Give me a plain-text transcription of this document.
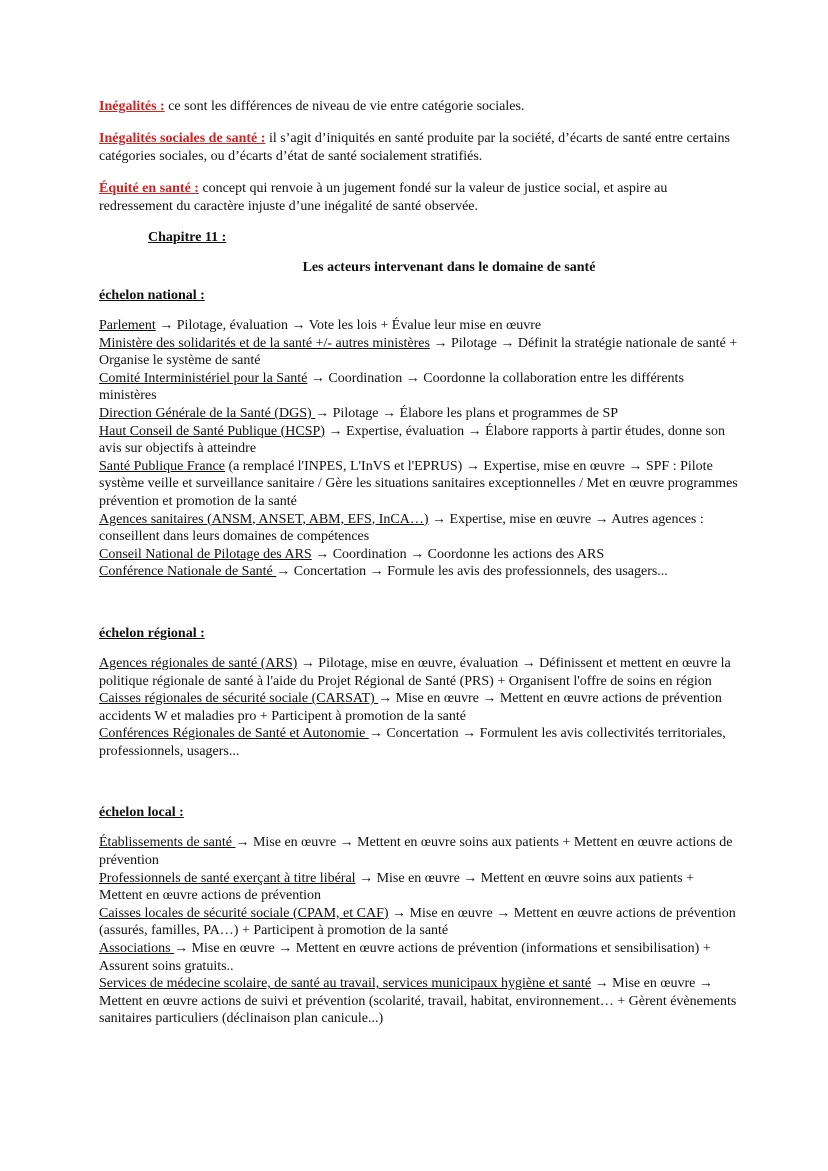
Inégalités : ce sont les différences de niveau de vie entre catégorie sociales.

Inégalités sociales de santé : il s’agit d’iniquités en santé produite par la société, d’écarts de santé entre certains catégories sociales, ou d’écarts d’état de santé socialement stratifiés.

Équité en santé : concept qui renvoie à un jugement fondé sur la valeur de justice social, et aspire au redressement du caractère injuste d’une inégalité de santé observée.

Chapitre 11 :

Les acteurs intervenant dans le domaine de santé

échelon national :

Parlement → Pilotage, évaluation → Vote les lois + Évalue leur mise en œuvre

Ministère des solidarités et de la santé +/- autres ministères → Pilotage → Définit la stratégie nationale de santé + Organise le système de santé

Comité Interministériel pour la Santé → Coordination → Coordonne la collaboration entre les différents ministères

Direction Générale de la Santé (DGS) → Pilotage → Élabore les plans et programmes de SP

Haut Conseil de Santé Publique (HCSP) → Expertise, évaluation → Élabore rapports à partir études, donne son avis sur objectifs à atteindre

Santé Publique France (a remplacé l'INPES, L'InVS et l'EPRUS) → Expertise, mise en œuvre → SPF : Pilote système veille et surveillance sanitaire / Gère les situations sanitaires exceptionnelles / Met en œuvre programmes prévention et promotion de la santé

Agences sanitaires (ANSM, ANSET, ABM, EFS, InCA…) → Expertise, mise en œuvre → Autres agences : conseillent dans leurs domaines de compétences

Conseil National de Pilotage des ARS → Coordination → Coordonne les actions des ARS

Conférence Nationale de Santé → Concertation → Formule les avis des professionnels, des usagers...

échelon régional :

Agences régionales de santé (ARS) → Pilotage, mise en œuvre, évaluation → Définissent et mettent en œuvre la politique régionale de santé à l'aide du Projet Régional de Santé (PRS) + Organisent l'offre de soins en région

Caisses régionales de sécurité sociale (CARSAT) → Mise en œuvre → Mettent en œuvre actions de prévention accidents W et maladies pro + Participent à promotion de la santé

Conférences Régionales de Santé et Autonomie → Concertation → Formulent les avis collectivités territoriales, professionnels, usagers...

échelon local :

Établissements de santé → Mise en œuvre → Mettent en œuvre soins aux patients + Mettent en œuvre actions de prévention

Professionnels de santé exerçant à titre libéral → Mise en œuvre → Mettent en œuvre soins aux patients + Mettent en œuvre actions de prévention

Caisses locales de sécurité sociale (CPAM, et CAF) → Mise en œuvre → Mettent en œuvre actions de prévention (assurés, familles, PA…) + Participent à promotion de la santé

Associations → Mise en œuvre → Mettent en œuvre actions de prévention (informations et sensibilisation) + Assurent soins gratuits..

Services de médecine scolaire, de santé au travail, services municipaux hygiène et santé → Mise en œuvre → Mettent en œuvre actions de suivi et prévention (scolarité, travail, habitat, environnement… + Gèrent évènements sanitaires particuliers (déclinaison plan canicule...)
